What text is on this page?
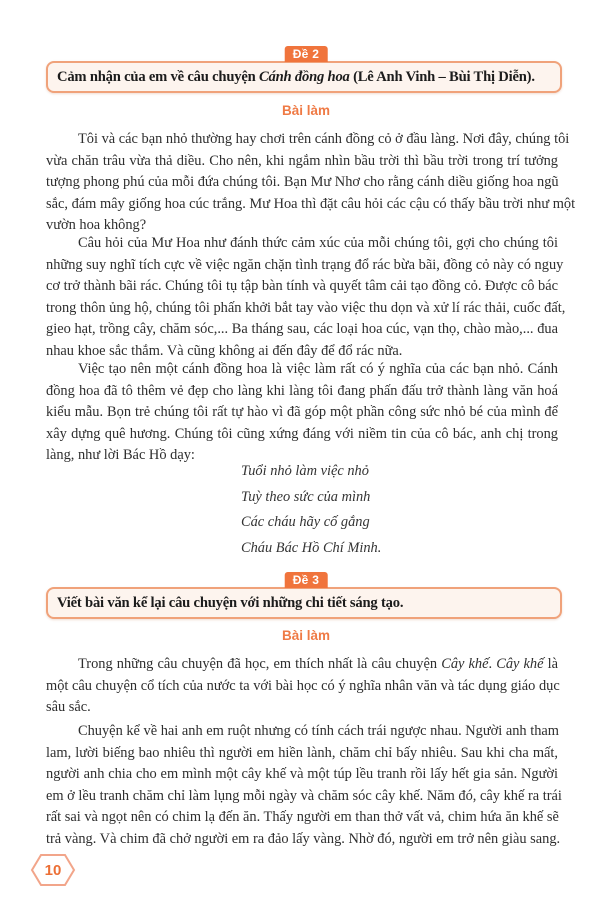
Cảm nhận của em về câu chuyện Cánh đồng hoa (Lê Anh Vinh – Bùi Thị Diễn).
Đề 2
Bài làm

Tôi và các bạn nhỏ thường hay chơi trên cánh đồng cỏ ở đầu làng. Nơi đây, chúng tôi
vừa chăn trâu vừa thả diều. Cho nên, khi ngắm nhìn bầu trời thì bầu trời trong trí tưởng
tượng phong phú của mỗi đứa chúng tôi. Bạn Mư Nhơ cho rằng cánh diều giống hoa ngũ
sắc, đám mây giống hoa cúc trắng. Mư Hoa thì đặt câu hỏi các cậu có thấy bầu trời như một
vườn hoa không?

Câu hỏi của Mư Hoa như đánh thức cảm xúc của mỗi chúng tôi, gợi cho chúng tôi
những suy nghĩ tích cực về việc ngăn chặn tình trạng đổ rác bừa bãi, đồng cỏ này có nguy
cơ trở thành bãi rác. Chúng tôi tụ tập bàn tính và quyết tâm cải tạo đồng cỏ. Được cô bác
trong thôn ủng hộ, chúng tôi phấn khởi bắt tay vào việc thu dọn và xử lí rác thải, cuốc đất,
gieo hạt, trồng cây, chăm sóc,... Ba tháng sau, các loại hoa cúc, vạn thọ, chào mào,... đua
nhau khoe sắc thắm. Và cũng không ai đến đây để đổ rác nữa.

Việc tạo nên một cánh đồng hoa là việc làm rất có ý nghĩa của các bạn nhỏ. Cánh
đồng hoa đã tô thêm vẻ đẹp cho làng khi làng tôi đang phấn đấu trở thành làng văn hoá
kiểu mẫu. Bọn trẻ chúng tôi rất tự hào vì đã góp một phần công sức nhỏ bé của mình để
xây dựng quê hương. Chúng tôi cũng xứng đáng với niềm tin của cô bác, anh chị trong
làng, như lời Bác Hồ dạy:

Tuổi nhỏ làm việc nhỏ
Tuỳ theo sức của mình
Các cháu hãy cố gắng
Cháu Bác Hồ Chí Minh.
Viết bài văn kể lại câu chuyện với những chi tiết sáng tạo.
Đề 3
Bài làm

Trong những câu chuyện đã học, em thích nhất là câu chuyện Cây khế. Cây khế là
một câu chuyện cổ tích của nước ta với bài học có ý nghĩa nhân văn và tác dụng giáo dục
sâu sắc.

Chuyện kể về hai anh em ruột nhưng có tính cách trái ngược nhau. Người anh tham
lam, lười biếng bao nhiêu thì người em hiền lành, chăm chỉ bấy nhiêu. Sau khi cha mất,
người anh chia cho em mình một cây khế và một túp lều tranh rồi lấy hết gia sản. Người
em ở lều tranh chăm chỉ làm lụng mỗi ngày và chăm sóc cây khế. Năm đó, cây khế ra trái
rất sai và ngọt nên có chim lạ đến ăn. Thấy người em than thở vất vả, chim hứa ăn khế sẽ
trả vàng. Và chim đã chở người em ra đảo lấy vàng. Nhờ đó, người em trở nên giàu sang.

10
